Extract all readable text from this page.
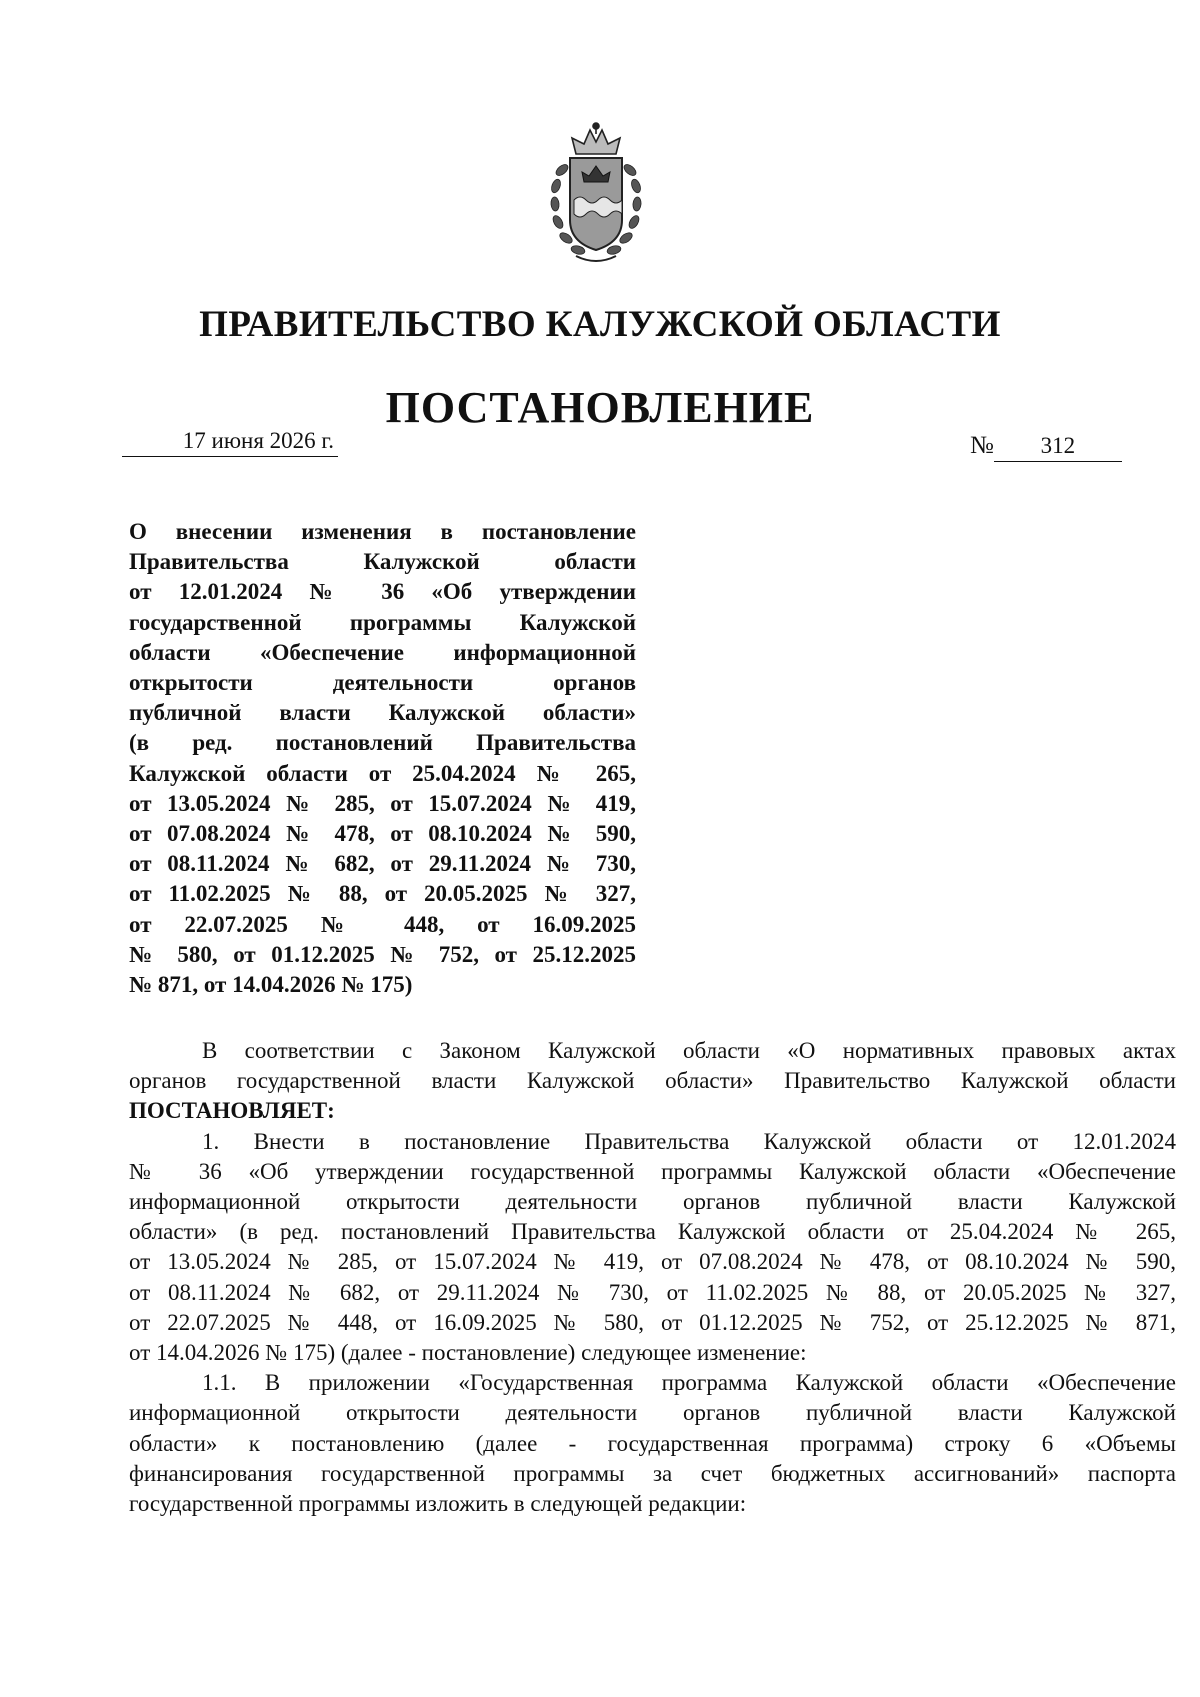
ПРАВИТЕЛЬСТВО КАЛУЖСКОЙ ОБЛАСТИ
ПОСТАНОВЛЕНИЕ
17 июня 2026 г.	№ 312
О внесении изменения в постановление
Правительства Калужской области
от 12.01.2024 № 36 «Об утверждении
государственной программы Калужской
области «Обеспечение информационной
открытости деятельности органов
публичной власти Калужской области»
(в ред. постановлений Правительства
Калужской области от 25.04.2024 № 265,
от 13.05.2024 № 285, от 15.07.2024 № 419,
от 07.08.2024 № 478, от 08.10.2024 № 590,
от 08.11.2024 № 682, от 29.11.2024 № 730,
от 11.02.2025 № 88, от 20.05.2025 № 327,
от 22.07.2025 № 448, от 16.09.2025
№ 580, от 01.12.2025 № 752, от 25.12.2025
№ 871, от 14.04.2026 № 175)
В соответствии с Законом Калужской области «О нормативных правовых актах
органов государственной власти Калужской области» Правительство Калужской области
ПОСТАНОВЛЯЕТ:
1. Внести в постановление Правительства Калужской области от 12.01.2024
№ 36 «Об утверждении государственной программы Калужской области «Обеспечение
информационной открытости деятельности органов публичной власти Калужской
области» (в ред. постановлений Правительства Калужской области от 25.04.2024 № 265,
от 13.05.2024 № 285, от 15.07.2024 № 419, от 07.08.2024 № 478, от 08.10.2024 № 590,
от 08.11.2024 № 682, от 29.11.2024 № 730, от 11.02.2025 № 88, от 20.05.2025 № 327,
от 22.07.2025 № 448, от 16.09.2025 № 580, от 01.12.2025 № 752, от 25.12.2025 № 871,
от 14.04.2026 № 175) (далее - постановление) следующее изменение:
1.1. В приложении «Государственная программа Калужской области «Обеспечение
информационной открытости деятельности органов публичной власти Калужской
области» к постановлению (далее - государственная программа) строку 6 «Объемы
финансирования государственной программы за счет бюджетных ассигнований» паспорта
государственной программы изложить в следующей редакции:
